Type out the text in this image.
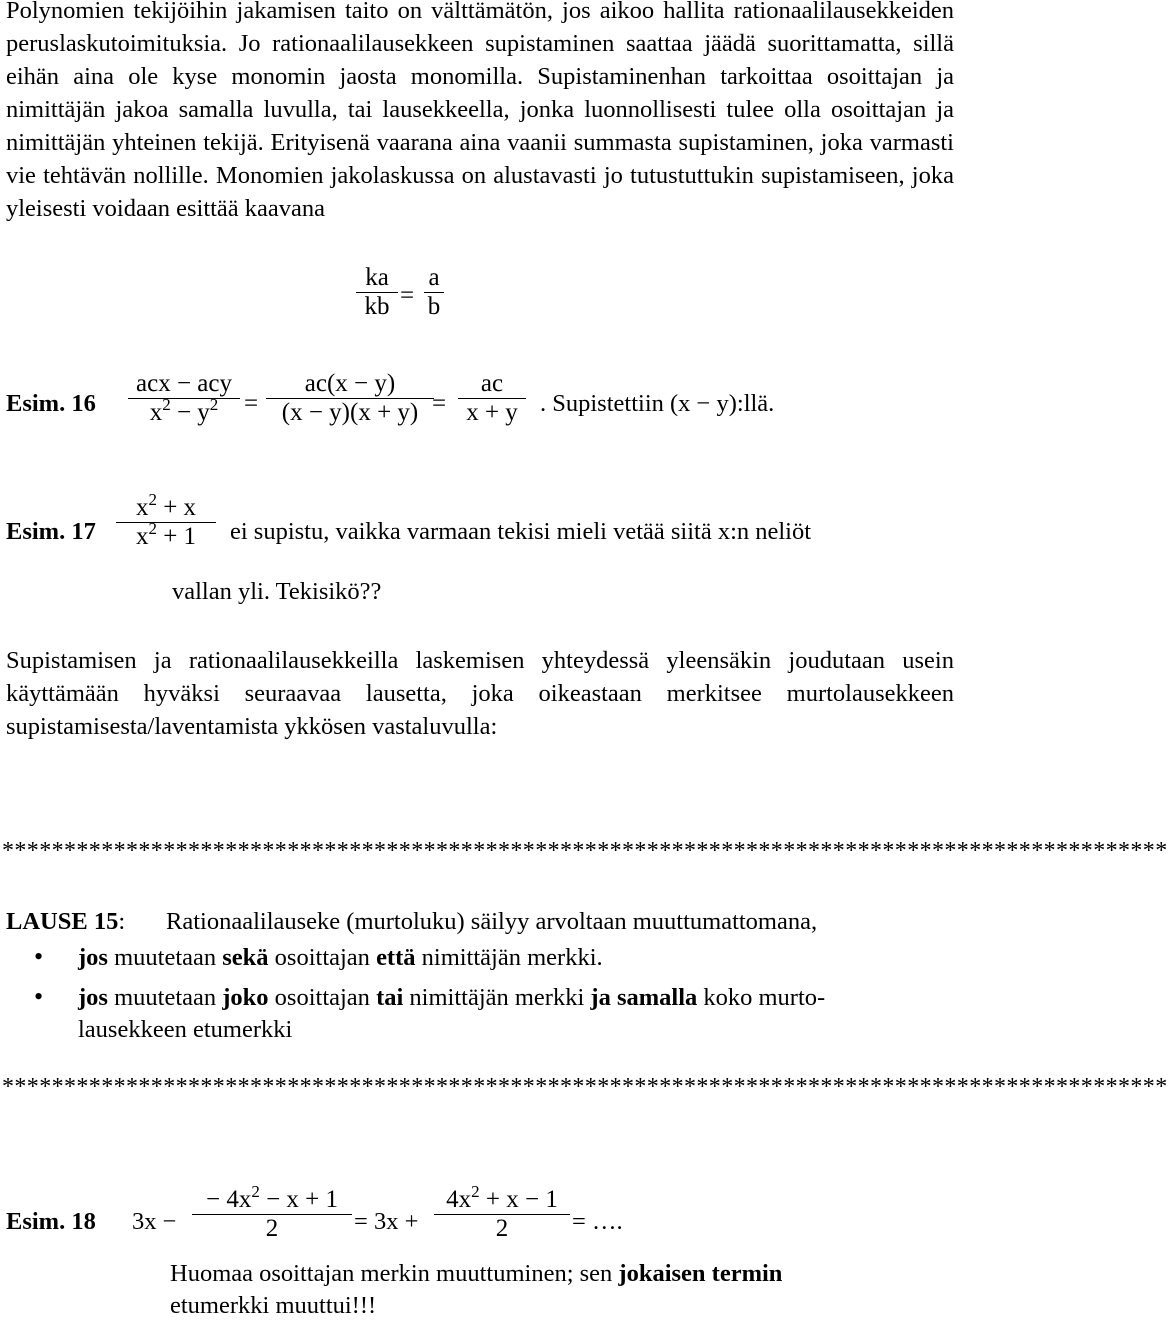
Polynomien tekijöihin jakamisen taito on välttämätön, jos aikoo hallita rationaalilausekkeiden peruslaskutoimituksia. Jo rationaalilausekkeen supistaminen saattaa jäädä suorittamatta, sillä eihän aina ole kyse monomin jaosta monomilla. Supistaminenhan tarkoittaa osoittajan ja nimittäjän jakoa samalla luvulla, tai lausekkeella, jonka luonnollisesti tulee olla osoittajan ja nimittäjän yhteinen tekijä. Erityisenä vaarana aina vaanii summasta supistaminen, joka varmasti vie tehtävän nollille. Monomien jakolaskussa on alustavasti jo tutustuttukin supistamiseen, joka yleisesti voidaan esittää kaavana
ka
kb =
a
b
Esim. 16
acx − acy
$x^2 - y^2$	=
ac(x − y)
(x − y)(x + y) =
ac
x + y . Supistettiin (x − y):llä.
Esim. 17
$x^2 + x$
$x^2 + 1$	ei supistu, vaikka varmaan tekisi mieli vetää siitä x:n neliöt
vallan yli. Tekisikö??
Supistamisen ja rationaalilausekkeilla laskemisen yhteydessä yleensäkin joudutaan usein käyttämään hyväksi seuraavaa lausetta, joka oikeastaan merkitsee murtolausekkeen supistamisesta/laventamista ykkösen vastaluvulla:
**********************************************************************************************
LAUSE 15: Rationaalilauseke (murtoluku) säilyy arvoltaan muuttumattomana,
• jos muutetaan sekä osoittajan että nimittäjän merkki.
• jos muutetaan joko osoittajan tai nimittäjän merkki ja samalla koko murto-
lausekkeen etumerkki
**********************************************************************************************
Esim. 18 3x −
− $4x^2 - x + 1$
2	= 3x +
$4x^2 + x - 1$
2	= ….
Huomaa osoittajan merkin muuttuminen; sen jokaisen termin
etumerkki muuttui!!!
